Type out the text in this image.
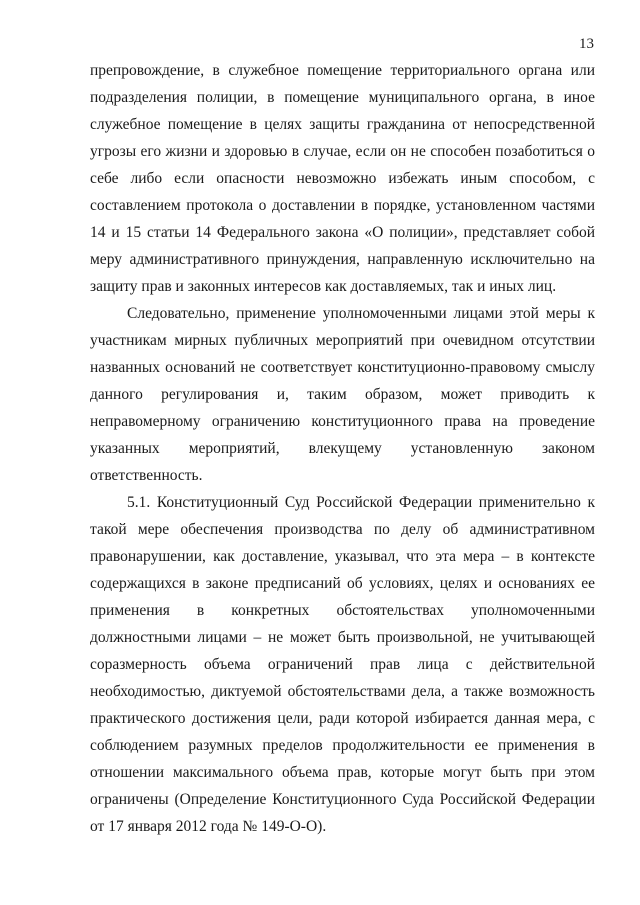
13

препровождение, в служебное помещение территориального органа или подразделения полиции, в помещение муниципального органа, в иное служебное помещение в целях защиты гражданина от непосредственной угрозы его жизни и здоровью в случае, если он не способен позаботиться о себе либо если опасности невозможно избежать иным способом, с составлением протокола о доставлении в порядке, установленном частями 14 и 15 статьи 14 Федерального закона «О полиции», представляет собой меру административного принуждения, направленную исключительно на защиту прав и законных интересов как доставляемых, так и иных лиц.

Следовательно, применение уполномоченными лицами этой меры к участникам мирных публичных мероприятий при очевидном отсутствии названных оснований не соответствует конституционно-правовому смыслу данного регулирования и, таким образом, может приводить к неправомерному ограничению конституционного права на проведение указанных мероприятий, влекущему установленную законом ответственность.

5.1. Конституционный Суд Российской Федерации применительно к такой мере обеспечения производства по делу об административном правонарушении, как доставление, указывал, что эта мера – в контексте содержащихся в законе предписаний об условиях, целях и основаниях ее применения в конкретных обстоятельствах уполномоченными должностными лицами – не может быть произвольной, не учитывающей соразмерность объема ограничений прав лица с действительной необходимостью, диктуемой обстоятельствами дела, а также возможность практического достижения цели, ради которой избирается данная мера, с соблюдением разумных пределов продолжительности ее применения в отношении максимального объема прав, которые могут быть при этом ограничены (Определение Конституционного Суда Российской Федерации от 17 января 2012 года № 149-О-О).
